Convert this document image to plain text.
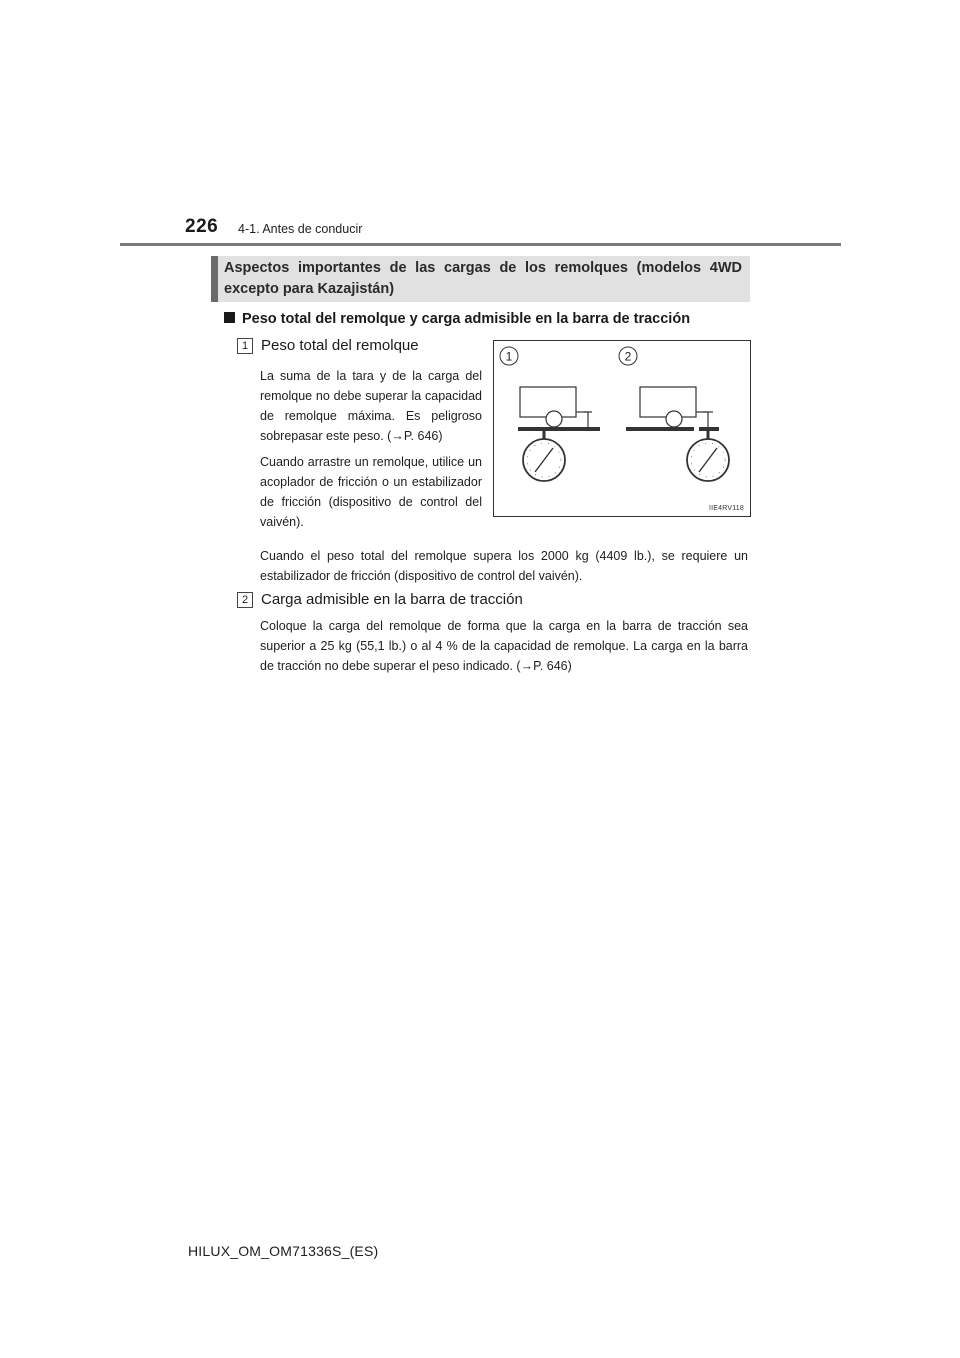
226 4-1. Antes de conducir
Aspectos importantes de las cargas de los remolques (modelos 4WD excepto para Kazajistán)
Peso total del remolque y carga admisible en la barra de tracción
1 Peso total del remolque

La suma de la tara y de la carga del remolque no debe superar la capacidad de remolque máxima. Es peligroso sobrepasar este peso. (→P. 646)

Cuando arrastre un remolque, utilice un acoplador de fricción o un estabilizador de fricción (dispositivo de control del vaivén).

Cuando el peso total del remolque supera los 2000 kg (4409 lb.), se requiere un estabilizador de fricción (dispositivo de control del vaivén).
1	2
IIE4RV118
2 Carga admisible en la barra de tracción
Coloque la carga del remolque de forma que la carga en la barra de tracción sea superior a 25 kg (55,1 lb.) o al 4 % de la capacidad de remolque. La carga en la barra de tracción no debe superar el peso indicado. (→P. 646)
HILUX_OM_OM71336S_(ES)
